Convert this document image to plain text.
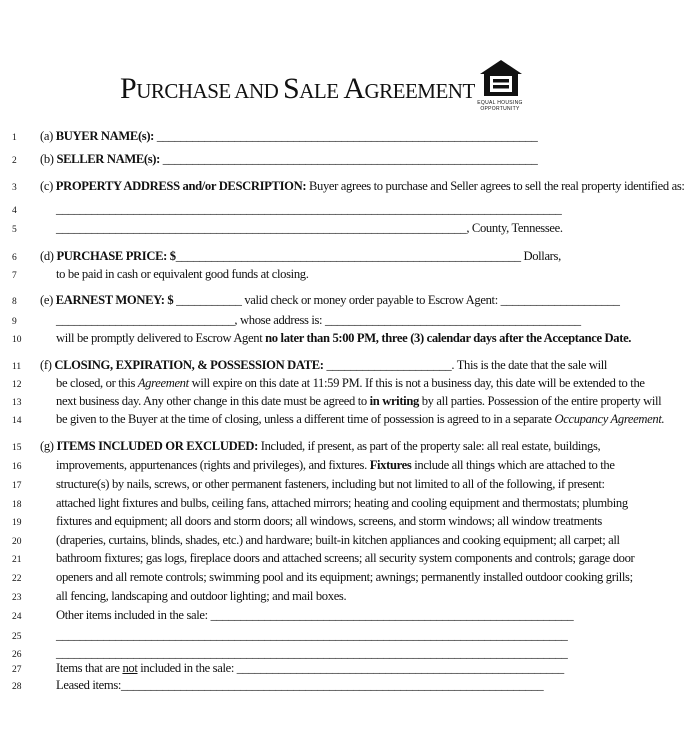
PURCHASE AND SALE AGREEMENT EQUAL HOUSING
OPPORTUNITY
1	(a) BUYER NAME(s): ________________________________________________________________
2	(b) SELLER NAME(s): _______________________________________________________________
3	(c) PROPERTY ADDRESS and/or DESCRIPTION: Buyer agrees to purchase and Seller agrees to sell the real property identified as:
4	_____________________________________________________________________________________
5	_____________________________________________________________________, County, Tennessee.
6	(d) PURCHASE PRICE: $__________________________________________________________ Dollars,
7	to be paid in cash or equivalent good funds at closing.
8	(e) EARNEST MONEY: $ ___________ valid check or money order payable to Escrow Agent: ____________________
9	______________________________, whose address is: ___________________________________________
10	will be promptly delivered to Escrow Agent no later than 5:00 PM, three (3) calendar days after the Acceptance Date.
11	(f) CLOSING, EXPIRATION, & POSSESSION DATE: _____________________. This is the date that the sale will
12	be closed, or this Agreement will expire on this date at 11:59 PM. If this is not a business day, this date will be extended to the
13	next business day. Any other change in this date must be agreed to in writing by all parties. Possession of the entire property will
14	be given to the Buyer at the time of closing, unless a different time of possession is agreed to in a separate Occupancy Agreement.
15	(g) ITEMS INCLUDED OR EXCLUDED: Included, if present, as part of the property sale: all real estate, buildings,
16	improvements, appurtenances (rights and privileges), and fixtures. Fixtures include all things which are attached to the
17	structure(s) by nails, screws, or other permanent fasteners, including but not limited to all of the following, if present:
18	attached light fixtures and bulbs, ceiling fans, attached mirrors; heating and cooling equipment and thermostats; plumbing
19	fixtures and equipment; all doors and storm doors; all windows, screens, and storm windows; all window treatments
20	(draperies, curtains, blinds, shades, etc.) and hardware; built-in kitchen appliances and cooking equipment; all carpet; all
21	bathroom fixtures; gas logs, fireplace doors and attached screens; all security system components and controls; garage door
22	openers and all remote controls; swimming pool and its equipment; awnings; permanently installed outdoor cooking grills;
23	all fencing, landscaping and outdoor lighting; and mail boxes.
24	Other items included in the sale: _____________________________________________________________
25	______________________________________________________________________________________
26	______________________________________________________________________________________
27	Items that are not included in the sale: _______________________________________________________
28	Leased items:_______________________________________________________________________
